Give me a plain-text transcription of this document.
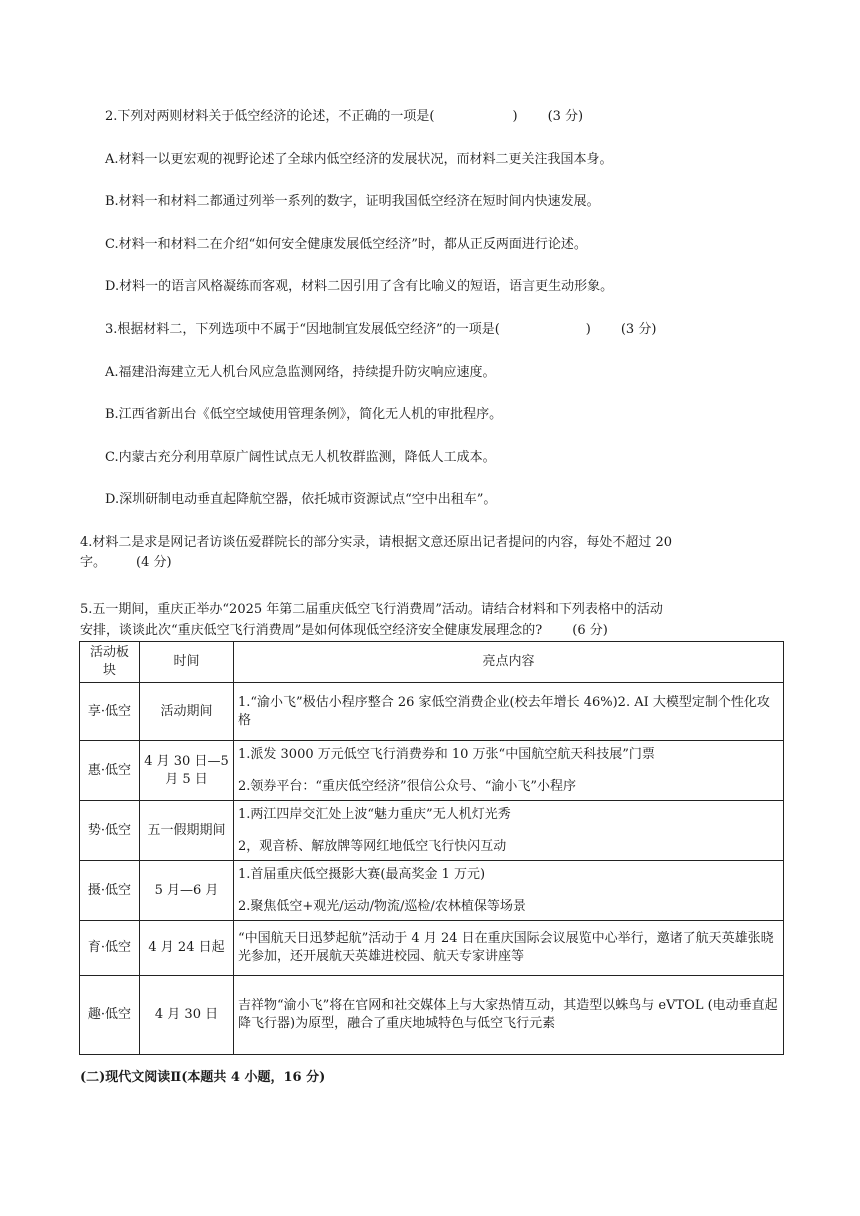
2.下列对两则材料关于低空经济的论述，不正确的一项是(	) (3 分)
A.材料一以更宏观的视野论述了全球内低空经济的发展状况，而材料二更关注我国本身。
B.材料一和材料二都通过列举一系列的数字，证明我国低空经济在短时间内快速发展。
C.材料一和材料二在介绍“如何安全健康发展低空经济”时，都从正反两面进行论述。
D.材料一的语言风格凝练而客观，材料二因引用了含有比喻义的短语，语言更生动形象。
3.根据材料二，下列选项中不属于“因地制宜发展低空经济”的一项是(	) (3 分)
A.福建沿海建立无人机台风应急监测网络，持续提升防灾响应速度。
B.江西省新出台《低空空域使用管理条例》，简化无人机的审批程序。
C.内蒙古充分利用草原广阔性试点无人机牧群监测，降低人工成本。
D.深圳研制电动垂直起降航空器，依托城市资源试点“空中出租车”。
4.材料二是求是网记者访谈伍爱群院长的部分实录，请根据文意还原出记者提问的内容，每处不超过 20
字。 (4 分)
5.五一期间，重庆正举办“2025 年第二届重庆低空飞行消费周”活动。请结合材料和下列表格中的活动
安排，谈谈此次“重庆低空飞行消费周”是如何体现低空经济安全健康发展理念的? (6 分)
活动板块	时间	亮点内容
享·低空	活动期间	1.“渝小飞”极估小程序整合 26 家低空消费企业(校去年增长 46%)2. AI 大模型定制个性化攻格

惠·低空	4 月 30 日—5 月 5 日	1.派发 3000 万元低空飞行消费券和 10 万张“中国航空航天科技展”门票
2.领券平台：“重庆低空经济”很信公众号、“渝小飞”小程序

势·低空	五一假期期间	1.两江四岸交汇处上波“魅力重庆”无人机灯光秀
2，观音桥、解放牌等网红地低空飞行快闪互动

摄·低空	5 月—6 月	1.首届重庆低空摄影大赛(最高奖金 1 万元)
2.聚焦低空+观光/运动/物流/巡检/农林植保等场景

育·低空	4 月 24 日起	“中国航天日迅梦起航”活动于 4 月 24 日在重庆国际会议展览中心举行，邀诸了航天英雄张晓光参加，还开展航天英雄进校园、航天专家讲座等

趣·低空	4 月 30 日	吉祥物“渝小飞”将在官网和社交媒体上与大家热情互动，其造型以蛛鸟与 eVTOL (电动垂直起降飞行器)为原型，融合了重庆地城特色与低空飞行元素
(二)现代文阅读Ⅱ(本题共 4 小题，16 分)
